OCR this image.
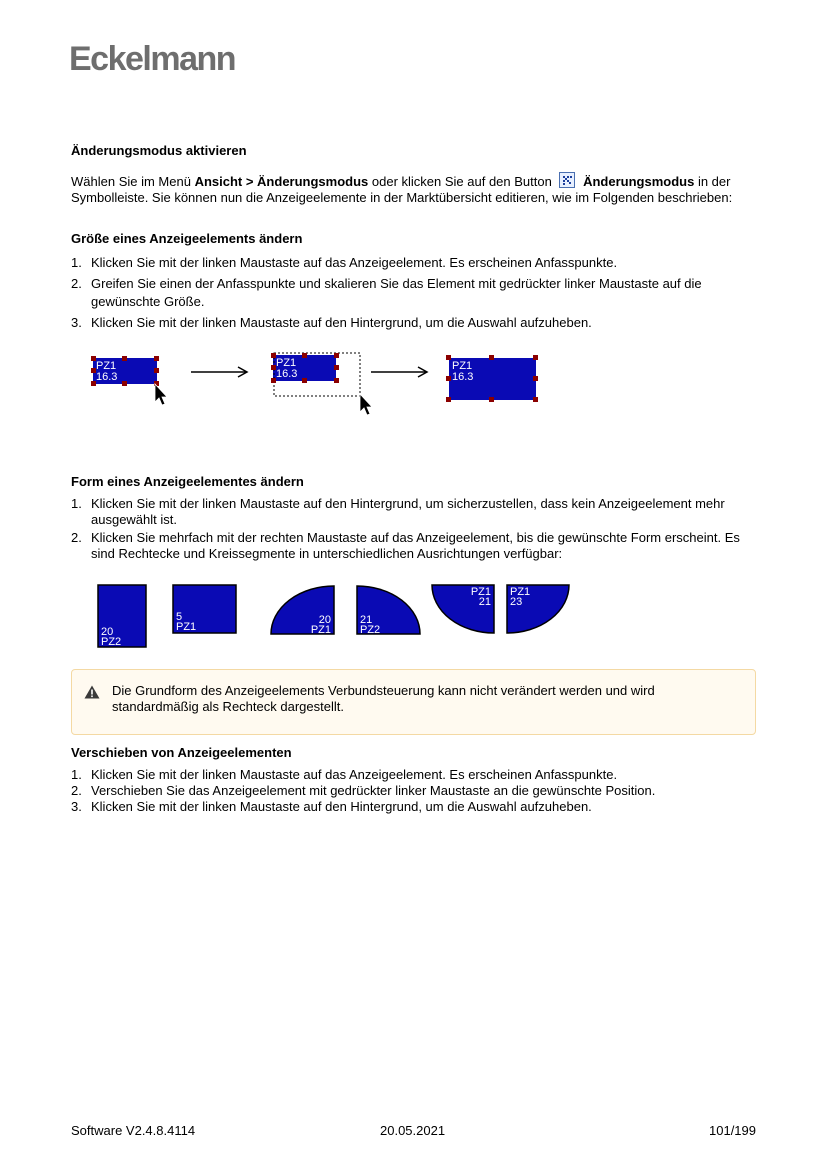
Eckelmann
Änderungsmodus aktivieren
Wählen Sie im Menü Ansicht > Änderungsmodus oder klicken Sie auf den Button
Änderungsmodus in der Symbolleiste. Sie können nun die Anzeigeelemente in der Marktübersicht editieren, wie im Folgenden beschrieben:
Größe eines Anzeigeelements ändern
1. Klicken Sie mit der linken Maustaste auf das Anzeigeelement. Es erscheinen Anfasspunkte.
2. Greifen Sie einen der Anfasspunkte und skalieren Sie das Element mit gedrückter linker Maustaste auf die gewünschte Größe.
3. Klicken Sie mit der linken Maustaste auf den Hintergrund, um die Auswahl aufzuheben.
PZ1
16.3
PZ1
16.3
PZ1
16.3
Form eines Anzeigeelementes ändern
1. Klicken Sie mit der linken Maustaste auf den Hintergrund, um sicherzustellen, dass kein Anzeigeelement mehr ausgewählt ist.
2. Klicken Sie mehrfach mit der rechten Maustaste auf das Anzeigeelement, bis die gewünschte Form erscheint. Es sind Rechtecke und Kreissegmente in unterschiedlichen Ausrichtungen verfügbar:
20
PZ2
5
PZ1
20
PZ1
21
PZ2
PZ1
21
PZ1
23
Die Grundform des Anzeigeelements Verbundsteuerung kann nicht verändert werden und wird standardmäßig als Rechteck dargestellt.
Verschieben von Anzeigeelementen
1. Klicken Sie mit der linken Maustaste auf das Anzeigeelement. Es erscheinen Anfasspunkte.
2. Verschieben Sie das Anzeigeelement mit gedrückter linker Maustaste an die gewünschte Position.
3. Klicken Sie mit der linken Maustaste auf den Hintergrund, um die Auswahl aufzuheben.
Software V2.4.8.4114	20.05.2021	101/199
